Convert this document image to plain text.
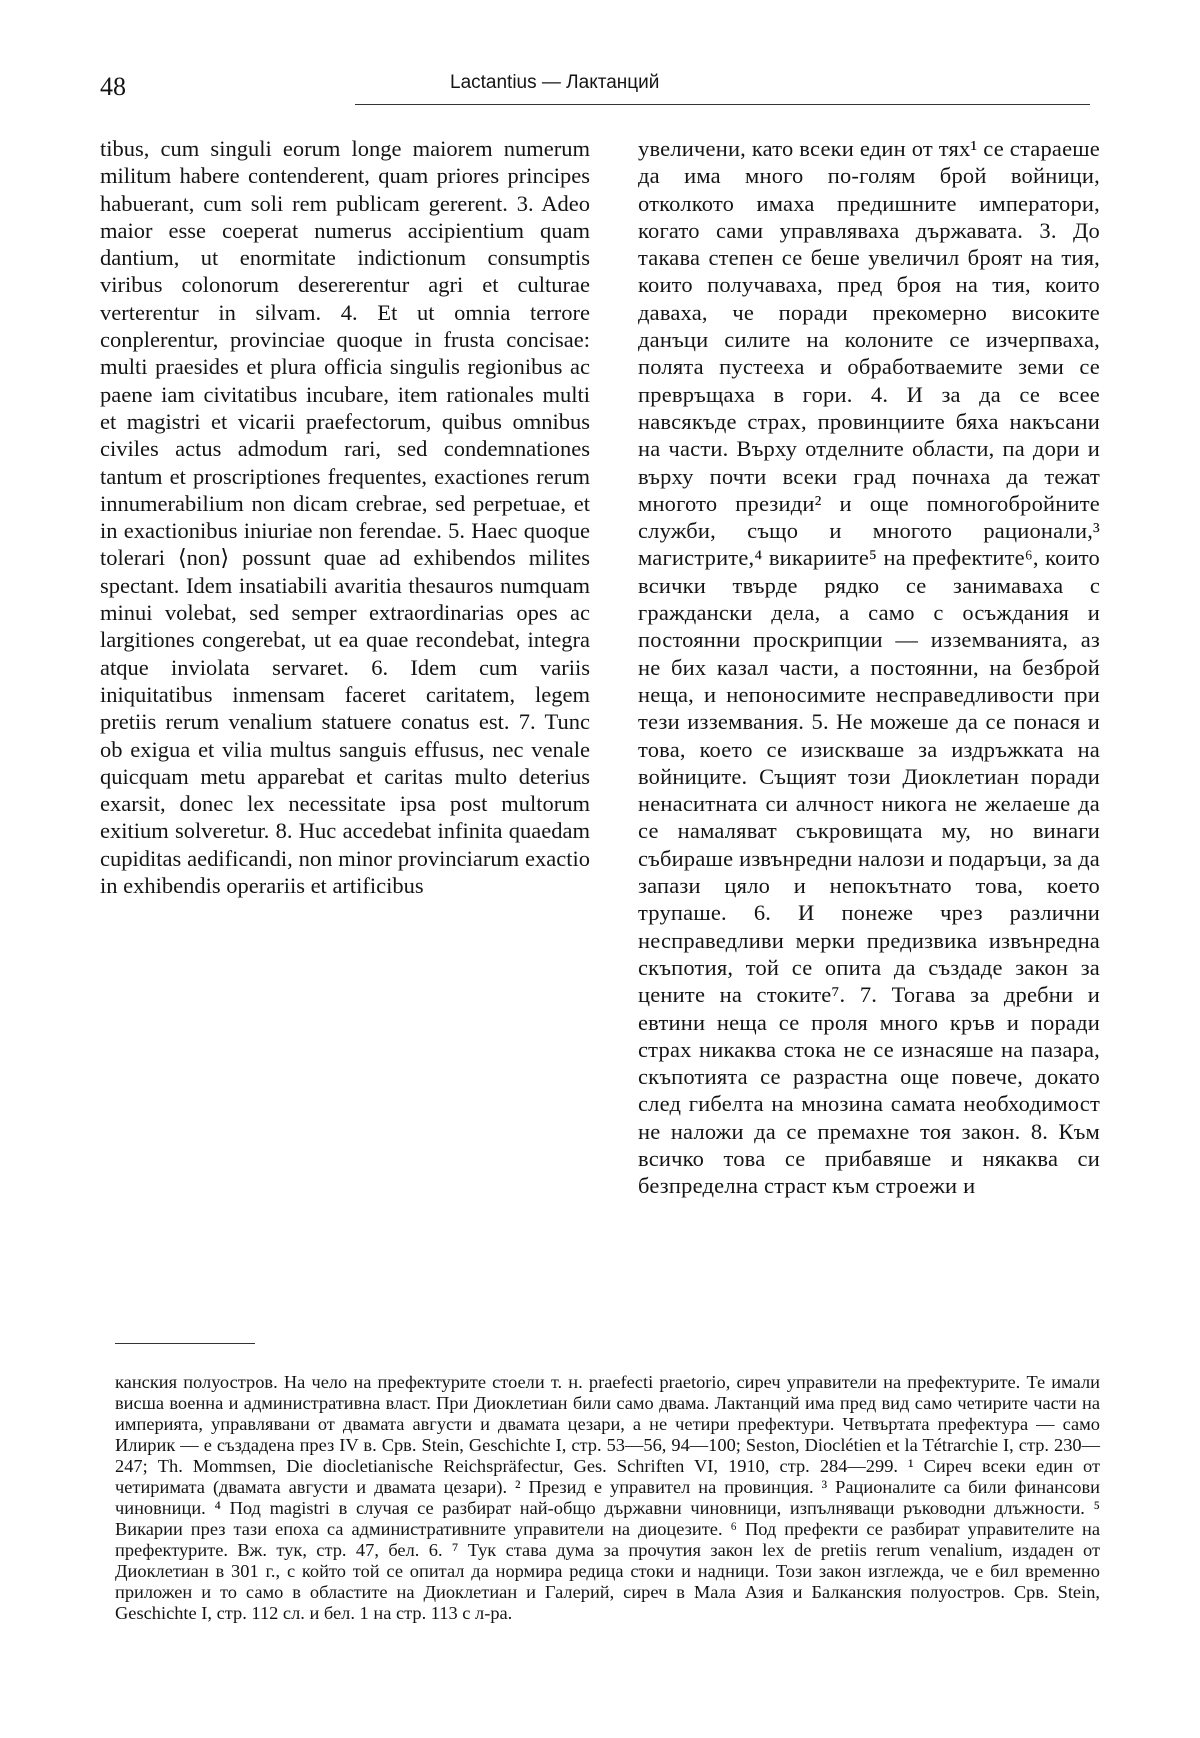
48	Lactantius — Лактанций

tibus, cum singuli eorum longe maiorem numerum militum habere contenderent, quam priores principes habuerant, cum soli rem publicam gererent. 3. Adeo maior esse coeperat numerus accipientium quam dantium, ut enormitate indictionum consumptis viribus colonorum desererentur agri et culturae verterentur in silvam. 4. Et ut omnia terrore conplerentur, provinciae quoque in frusta concisae: multi praesides et plura officia singulis regionibus ac paene iam civitatibus incubare, item rationales multi et magistri et vicarii praefectorum, quibus omnibus civiles actus admodum rari, sed condemnationes tantum et proscriptiones frequentes, exactiones rerum innumerabilium non dicam crebrae, sed perpetuae, et in exactionibus iniuriae non ferendae. 5. Haec quoque tolerari ⟨non⟩ possunt quae ad exhibendos milites spectant. Idem insatiabili avaritia thesauros numquam minui volebat, sed semper extraordinarias opes ac largitiones congerebat, ut ea quae recondebat, integra atque inviolata servaret. 6. Idem cum variis iniquitatibus inmensam faceret caritatem, legem pretiis rerum venalium statuere conatus est. 7. Tunc ob exigua et vilia multus sanguis effusus, nec venale quicquam metu apparebat et caritas multo deterius exarsit, donec lex necessitate ipsa post multorum exitium solveretur. 8. Huc accedebat infinita quaedam cupiditas aedificandi, non minor provinciarum exactio in exhibendis operariis et artificibus

увеличени, като всеки един от тях¹ се стараеше да има много по-голям брой войници, отколкото имаха предишните императори, когато сами управляваха държавата. 3. До такава степен се беше увеличил броят на тия, които получаваха, пред броя на тия, които даваха, че поради прекомерно високите данъци силите на колоните се изчерпваха, полята пустееха и обработваемите земи се превръщаха в гори. 4. И за да се всее навсякъде страх, провинциите бяха накъсани на части. Върху отделните области, па дори и върху почти всеки град почнаха да тежат многото президи² и още помногобройните служби, също и многото рационали,³ магистрите,⁴ викариите⁵ на префектите⁶, които всички твърде рядко се занимаваха с граждански дела, а само с осъждания и постоянни проскрипции — изземванията, аз не бих казал части, а постоянни, на безброй неща, и непоносимите несправедливости при тези изземвания. 5. Не можеше да се понася и това, което се изискваше за издръжката на войниците. Същият този Диоклетиан поради ненаситната си алчност никога не желаеше да се намаляват съкровищата му, но винаги събираше извънредни налози и подаръци, за да запази цяло и непокътнато това, което трупаше. 6. И понеже чрез различни несправедливи мерки предизвика извънредна скъпотия, той се опита да създаде закон за цените на стоките⁷. 7. Тогава за дребни и евтини неща се проля много кръв и поради страх никаква стока не се изнасяше на пазара, скъпотията се разрастна още повече, докато след гибелта на мнозина самата необходимост не наложи да се премахне тоя закон. 8. Към всичко това се прибавяше и някаква си безпределна страст към строежи и

канския полуостров. На чело на префектурите стоели т. н. praefecti praetorio, сиреч управители на префектурите. Те имали висша военна и административна власт. При Диоклетиан били само двама. Лактанций има пред вид само четирите части на империята, управлявани от двамата августи и двамата цезари, а не четири префектури. Четвъртата префектура — само Илирик — е създадена през IV в. Срв. Stein, Geschichte I, стр. 53—56, 94—100; Seston, Dioclétien et la Tétrarchie I, стр. 230—247; Th. Mommsen, Die diocletianische Reichspräfectur, Ges. Schriften VI, 1910, стр. 284—299. ¹ Сиреч всеки един от четиримата (двамата августи и двамата цезари). ² Презид е управител на провинция. ³ Рационалите са били финансови чиновници. ⁴ Под magistri в случая се разбират най-общо държавни чиновници, изпълняващи ръководни длъжности. ⁵ Викарии през тази епоха са административните управители на диоцезите. ⁶ Под префекти се разбират управителите на префектурите. Вж. тук, стр. 47, бел. 6. ⁷ Тук става дума за прочутия закон lex de pretiis rerum venalium, издаден от Диоклетиан в 301 г., с който той се опитал да нормира редица стоки и надници. Този закон изглежда, че е бил временно приложен и то само в областите на Диоклетиан и Галерий, сиреч в Мала Азия и Балканския полуостров. Срв. Stein, Geschichte I, стр. 112 сл. и бел. 1 на стр. 113 с л-ра.
